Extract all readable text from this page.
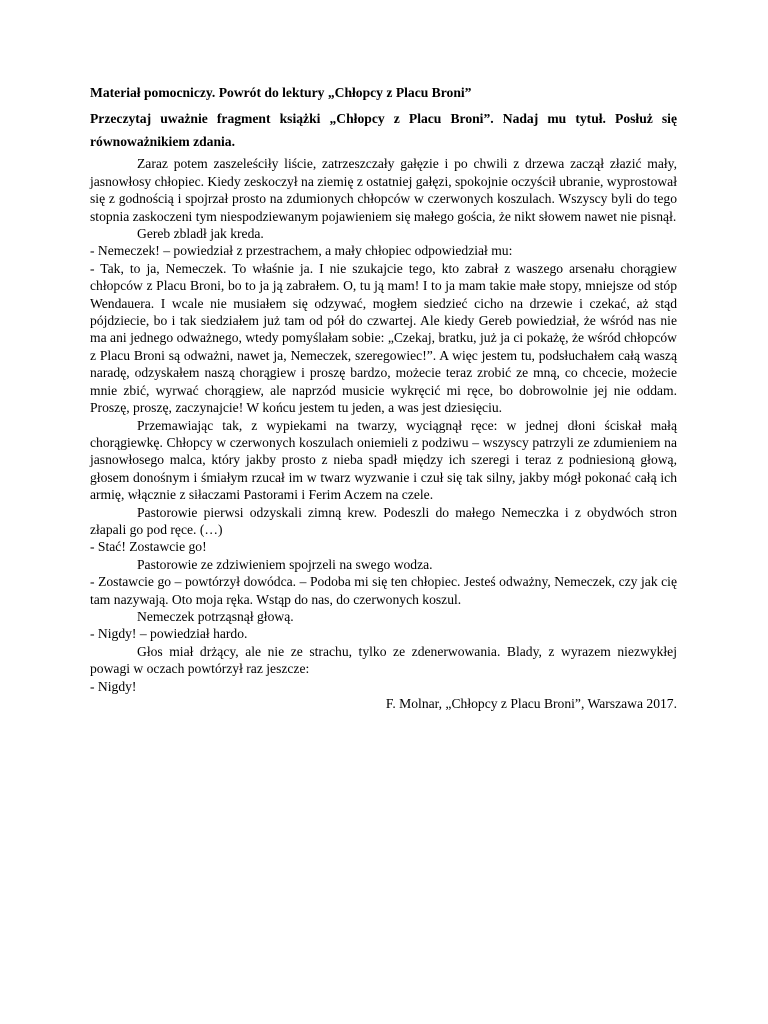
Materiał pomocniczy. Powrót do lektury „Chłopcy z Placu Broni”

Przeczytaj uważnie fragment książki „Chłopcy z Placu Broni”. Nadaj mu tytuł. Posłuż się równoważnikiem zdania.

Zaraz potem zaszeleściły liście, zatrzeszczały gałęzie i po chwili z drzewa zaczął złazić mały, jasnowłosy chłopiec. Kiedy zeskoczył na ziemię z ostatniej gałęzi, spokojnie oczyścił ubranie, wyprostował się z godnością i spojrzał prosto na zdumionych chłopców w czerwonych koszulach. Wszyscy byli do tego stopnia zaskoczeni tym niespodziewanym pojawieniem się małego gościa, że nikt słowem nawet nie pisnął.

Gereb zbladł jak kreda.

- Nemeczek! – powiedział z przestrachem, a mały chłopiec odpowiedział mu:

- Tak, to ja, Nemeczek. To właśnie ja. I nie szukajcie tego, kto zabrał z waszego arsenału chorągiew chłopców z Placu Broni, bo to ja ją zabrałem. O, tu ją mam! I to ja mam takie małe stopy, mniejsze od stóp Wendauera. I wcale nie musiałem się odzywać, mogłem siedzieć cicho na drzewie i czekać, aż stąd pójdziecie, bo i tak siedziałem już tam od pół do czwartej. Ale kiedy Gereb powiedział, że wśród nas nie ma ani jednego odważnego, wtedy pomyślałam sobie: „Czekaj, bratku, już ja ci pokażę, że wśród chłopców z Placu Broni są odważni, nawet ja, Nemeczek, szeregowiec!”. A więc jestem tu, podsłuchałem całą waszą naradę, odzyskałem naszą chorągiew i proszę bardzo, możecie teraz zrobić ze mną, co chcecie, możecie mnie zbić, wyrwać chorągiew, ale naprzód musicie wykręcić mi ręce, bo dobrowolnie jej nie oddam. Proszę, proszę, zaczynajcie! W końcu jestem tu jeden, a was jest dziesięciu.

Przemawiając tak, z wypiekami na twarzy, wyciągnął ręce: w jednej dłoni ściskał małą chorągiewkę. Chłopcy w czerwonych koszulach oniemieli z podziwu – wszyscy patrzyli ze zdumieniem na jasnowłosego malca, który jakby prosto z nieba spadł między ich szeregi i teraz z podniesioną głową, głosem donośnym i śmiałym rzucał im w twarz wyzwanie i czuł się tak silny, jakby mógł pokonać całą ich armię, włącznie z siłaczami Pastorami i Ferim Aczem na czele.

Pastorowie pierwsi odzyskali zimną krew. Podeszli do małego Nemeczka i z obydwóch stron złapali go pod ręce. (…)

- Stać! Zostawcie go!

Pastorowie ze zdziwieniem spojrzeli na swego wodza.

- Zostawcie go – powtórzył dowódca. – Podoba mi się ten chłopiec. Jesteś odważny, Nemeczek, czy jak cię tam nazywają. Oto moja ręka. Wstąp do nas, do czerwonych koszul.

Nemeczek potrząsnął głową.

- Nigdy! – powiedział hardo.

Głos miał drżący, ale nie ze strachu, tylko ze zdenerwowania. Blady, z wyrazem niezwykłej powagi w oczach powtórzył raz jeszcze:

- Nigdy!

F. Molnar, „Chłopcy z Placu Broni”, Warszawa 2017.
